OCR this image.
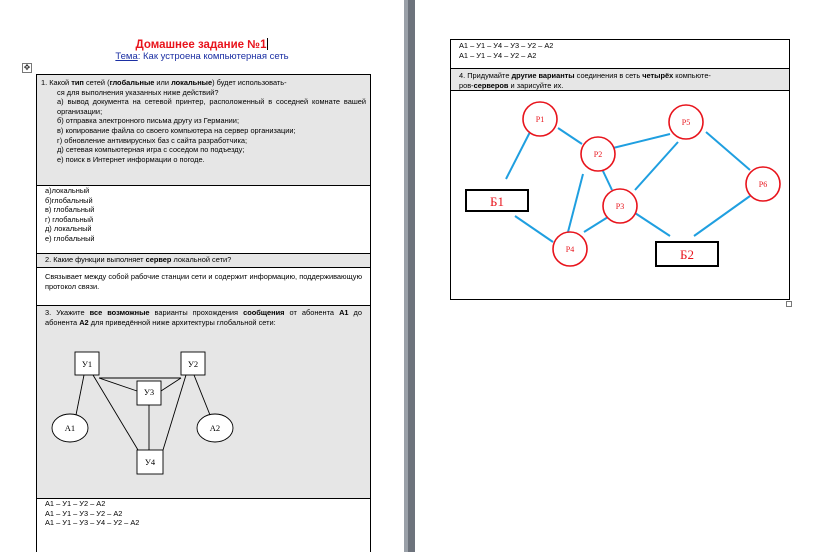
Домашнее задание №1
Тема: Как устроена компьютерная сеть
✥

1. Какой тип сетей (глобальные или локальные) будет использовать-

ся для выполнения указанных ниже действий?

а) вывод документа на сетевой принтер, расположенный в соседней комнате вашей организации;

б) отправка электронного письма другу из Германии;

в) копирование файла со своего компьютера на сервер организации;

г) обновление антивирусных баз с сайта разработчика;

д) сетевая компьютерная игра с соседом по подъезду;

е) поиск в Интернет информации о погоде.

а)локальный

б)глобальный

в) глобальный

г) глобальный

д) локальный

е) глобальный

2. Какие функции выполняет сервер локальной сети?

Связывает между собой рабочие станции сети и содержит информацию, поддерживающую протокол связи.

3. Укажите все возможные варианты прохождения сообщения от абонента А1 до абонента А2 для приведённой ниже архитектуры глобальной сети:

У1	У2
У3
У4
А1	А2

А1 – У1 – У2 – А2

А1 – У1 – У3 – У2 – А2

А1 – У1 – У3 – У4 – У2 – А2

А1 – У1 – У4 – У3 – У2 – А2

А1 – У1 – У4 – У2 – А2

4. Придумайте другие варианты соединения в сеть четырёх компьюте-

ров-серверов и зарисуйте их.

P1
P2
P3
P4
P5
P6
Б1
Б2
